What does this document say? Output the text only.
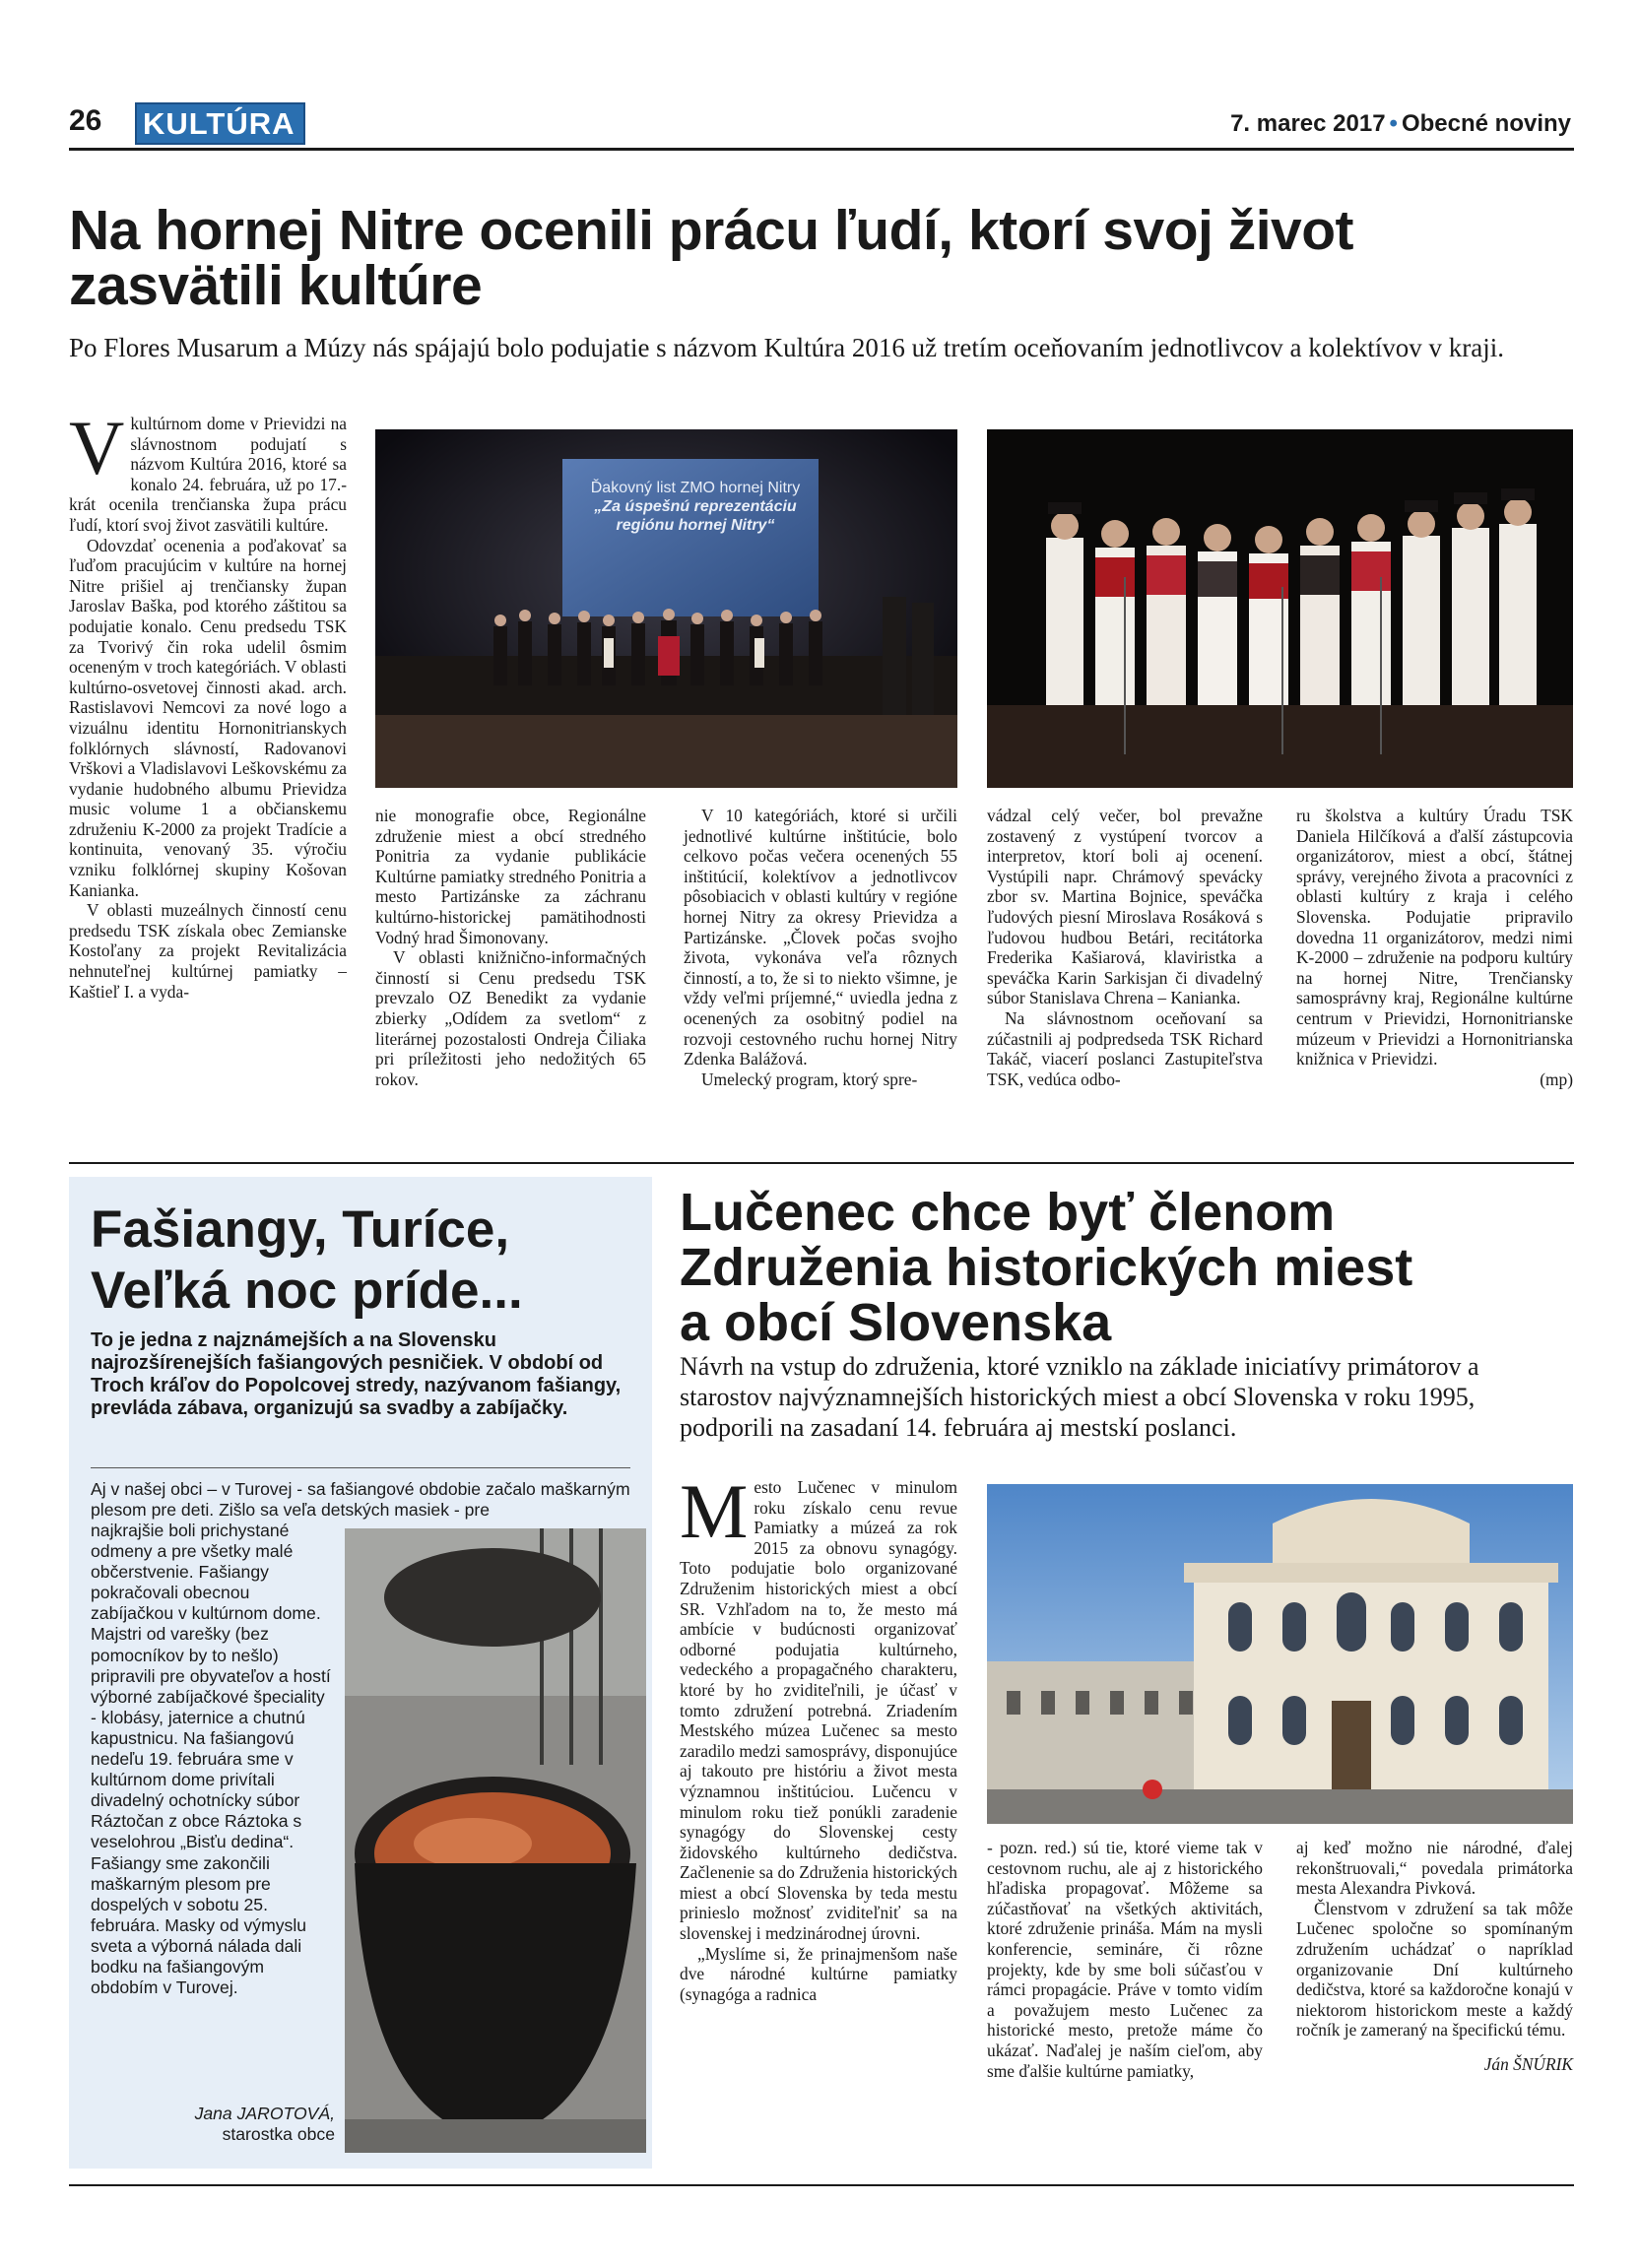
26 KULTÚRA	7. marec 2017 • Obecné noviny
Na hornej Nitre ocenili prácu ľudí, ktorí svoj život zasvätili kultúre
Po Flores Musarum a Múzy nás spájajú bolo podujatie s názvom Kultúra 2016 už tretím oceňovaním jednotlivcov a kolektívov v kraji.
V kultúrnom dome v Prievidzi na slávnostnom podujatí s názvom Kultúra 2016, ktoré sa konalo 24. februára, už po 17.-krát ocenila trenčianska župa prácu ľudí, ktorí svoj život zasvätili kultúre.

Odovzdať ocenenia a poďakovať sa ľuďom pracujúcim v kultúre na hornej Nitre prišiel aj trenčiansky župan Jaroslav Baška, pod ktorého záštitou sa podujatie konalo. Cenu predsedu TSK za Tvorivý čin roka udelil ôsmim oceneným v troch kategóriách. V oblasti kultúrno-osvetovej činnosti akad. arch. Rastislavovi Nemcovi za nové logo a vizuálnu identitu Hornonitrianskych folklórnych slávností, Radovanovi Vrškovi a Vladislavovi Leškovskému za vydanie hudobného albumu Prievidza music volume 1 a občianskemu združeniu K-2000 za projekt Tradície a kontinuita, venovaný 35. výročiu vzniku folklórnej skupiny Košovan Kanianka.

V oblasti muzeálnych činností cenu predsedu TSK získala obec Zemianske Kostoľany za projekt Revitalizácia nehnuteľnej kultúrnej pamiatky – Kaštieľ I. a vyda-

Ďakovný list ZMO hornej Nitry
„Za úspešnú reprezentáciu
regiónu hornej Nitry“

nie monografie obce, Regionálne združenie miest a obcí stredného Ponitria za vydanie publikácie Kultúrne pamiatky stredného Ponitria a mesto Partizánske za záchranu kultúrno-historickej pamätihodnosti Vodný hrad Šimonovany.

V oblasti knižnično-informačných činností si Cenu predsedu TSK prevzalo OZ Benedikt za vydanie zbierky „Odídem za svetlom“ z literárnej pozostalosti Ondreja Čiliaka pri príležitosti jeho nedožitých 65 rokov.

V 10 kategóriách, ktoré si určili jednotlivé kultúrne inštitúcie, bolo celkovo počas večera ocenených 55 inštitúcií, kolektívov a jednotlivcov pôsobiacich v oblasti kultúry v regióne hornej Nitry za okresy Prievidza a Partizánske. „Človek počas svojho života, vykonáva veľa rôznych činností, a to, že si to niekto všimne, je vždy veľmi príjemné,“ uviedla jedna z ocenených za osobitný podiel na rozvoji cestovného ruchu hornej Nitry Zdenka Balážová.

Umelecký program, ktorý spre-

vádzal celý večer, bol prevažne zostavený z vystúpení tvorcov a interpretov, ktorí boli aj ocenení. Vystúpili napr. Chrámový spevácky zbor sv. Martina Bojnice, speváčka ľudových piesní Miroslava Rosáková s ľudovou hudbou Betári, recitátorka Frederika Kašiarová, klaviristka a speváčka Karin Sarkisjan či divadelný súbor Stanislava Chrena – Kanianka.

Na slávnostnom oceňovaní sa zúčastnili aj podpredseda TSK Richard Takáč, viacerí poslanci Zastupiteľstva TSK, vedúca odbo-

ru školstva a kultúry Úradu TSK Daniela Hilčíková a ďalší zástupcovia organizátorov, miest a obcí, štátnej správy, verejného života a pracovníci z oblasti kultúry z kraja i celého Slovenska. Podujatie pripravilo dovedna 11 organizátorov, medzi nimi K-2000 – združenie na podporu kultúry na hornej Nitre, Trenčiansky samosprávny kraj, Regionálne kultúrne centrum v Prievidzi, Hornonitrianske múzeum v Prievidzi a Hornonitrianska knižnica v Prievidzi.

(mp)
Fašiangy, Turíce,
Veľká noc príde...
To je jedna z najznámejších a na Slovensku najrozšírenejších fašiangových pesničiek. V období od Troch kráľov do Popolcovej stredy, nazývanom fašiangy, prevláda zábava, organizujú sa svadby a zabíjačky.
Aj v našej obci – v Turovej - sa fašiangové obdobie začalo maškarným plesom pre deti. Zišlo sa veľa detských masiek - pre
najkrajšie boli prichystané odmeny a pre všetky malé občerstvenie. Fašiangy pokračovali obecnou zabíjačkou v kultúrnom dome. Majstri od varešky (bez pomocníkov by to nešlo) pripravili pre obyvateľov a hostí výborné zabíjačkové špeciality - klobásy, jaternice a chutnú kapustnicu. Na fašiangovú nedeľu 19. februára sme v kultúrnom dome privítali divadelný ochotnícky súbor Ráztočan z obce Ráztoka s veselohrou „Bisťu dedina“. Fašiangy sme zakončili maškarným plesom pre dospelých v sobotu 25. februára. Masky od výmyslu sveta a výborná nálada dali bodku na fašiangovým obdobím v Turovej.
Jana JAROTOVÁ,
starostka obce
Lučenec chce byť členom
Združenia historických miest
a obcí Slovenska
Návrh na vstup do združenia, ktoré vzniklo na základe iniciatívy primátorov a starostov najvýznamnejších historických miest a obcí Slovenska v roku 1995, podporili na zasadaní 14. februára aj mestskí poslanci.
M esto Lučenec v minulom roku získalo cenu revue Pamiatky a múzeá za rok 2015 za obnovu synagógy. Toto podujatie bolo organizované Združenim historických miest a obcí SR. Vzhľadom na to, že mesto má ambície v budúcnosti organizovať odborné podujatia kultúrneho, vedeckého a propagačného charakteru, ktoré by ho zviditeľnili, je účasť v tomto združení potrebná. Zriadením Mestského múzea Lučenec sa mesto zaradilo medzi samosprávy, disponujúce aj takouto pre históriu a život mesta významnou inštitúciou. Lučencu v minulom roku tiež ponúkli zaradenie synagógy do Slovenskej cesty židovského kultúrneho dedičstva. Začlenenie sa do Združenia historických miest a obcí Slovenska by teda mestu prinieslo možnosť zviditeľniť sa na slovenskej i medzinárodnej úrovni.

„Myslíme si, že prinajmenšom naše dve národné kultúrne pamiatky (synagóga a radnica

- pozn. red.) sú tie, ktoré vieme tak v cestovnom ruchu, ale aj z historického hľadiska propagovať. Môžeme sa zúčastňovať na všetkých aktivitách, ktoré združenie prináša. Mám na mysli konferencie, semináre, či rôzne projekty, kde by sme boli súčasťou v rámci propagácie. Práve v tomto vidím a považujem mesto Lučenec za historické mesto, pretože máme čo ukázať. Naďalej je naším cieľom, aby sme ďalšie kultúrne pamiatky,

aj keď možno nie národné, ďalej rekonštruovali,“ povedala primátorka mesta Alexandra Pivková.

Členstvom v združení sa tak môže Lučenec spoločne so spomínaným združením uchádzať o napríklad organizovanie Dní kultúrneho dedičstva, ktoré sa každoročne konajú v niektorom historickom meste a každý ročník je zameraný na špecifickú tému.

Ján ŠNÚRIK
